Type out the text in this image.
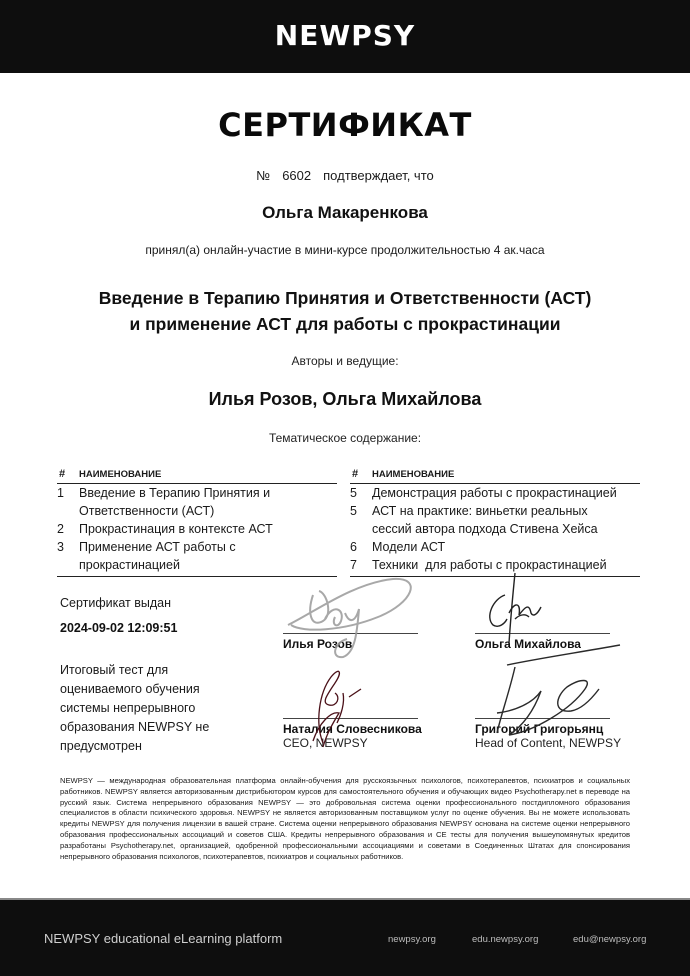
NEWPSY
СЕРТИФИКАТ
№ 6602 подтверждает, что
Ольга Макаренкова
принял(а) онлайн-участие в мини-курсе продолжительностью 4 ак.часа
Введение в Терапию Принятия и Ответственности (АСТ)
и применение АСТ для работы с прокрастинации
Авторы и ведущие:
Илья Розов, Ольга Михайлова
Тематическое содержание:
#	НАИМЕНОВАНИЕ
1	Введение в Терапию Принятия и Ответственности (АСТ)
2	Прокрастинация в контексте АСТ
3	Применение АСТ работы с прокрастинацией
#	НАИМЕНОВАНИЕ
5	Демонстрация работы с прокрастинацией
5	АСТ на практике: виньетки реальных сессий автора подхода Стивена Хейса
6	Модели АСТ
7	Техники  для работы с прокрастинацией
Сертификат выдан
2024-09-02 12:09:51
Итоговый тест для оцениваемого обучения системы непрерывного образования NEWPSY не предусмотрен
Илья Розов	Ольга Михайлова
Наталия Словесникова
CEO, NEWPSY
Григорий Григорьянц
Head of Content, NEWPSY
NEWPSY — международная образовательная платформа онлайн-обучения для русскоязычных психологов, психотерапевтов, психиатров и социальных работников. NEWPSY является авторизованным дистрибьютором курсов для самостоятельного обучения и обучающих видео Psychotherapy.net в переводе на русский язык. Система непрерывного образования NEWPSY — это добровольная система оценки профессионального постдипломного образования специалистов в области психического здоровья. NEWPSY не является авторизованным поставщиком услуг по оценке обучения. Вы не можете использовать кредиты NEWPSY для получения лицензии в вашей стране. Система оценки непрерывного образования NEWPSY основана на системе оценки непрерывного образования профессиональных ассоциаций и советов США. Кредиты непрерывного образования и CE тесты для получения вышеупомянутых кредитов разработаны Psychotherapy.net, организацией, одобренной профессиональными ассоциациями и советами в Соединенных Штатах для спонсирования непрерывного образования психологов, психотерапевтов, психиатров и социальных работников.
NEWPSY educational eLearning platform	newpsy.org	edu.newpsy.org	edu@newpsy.org
